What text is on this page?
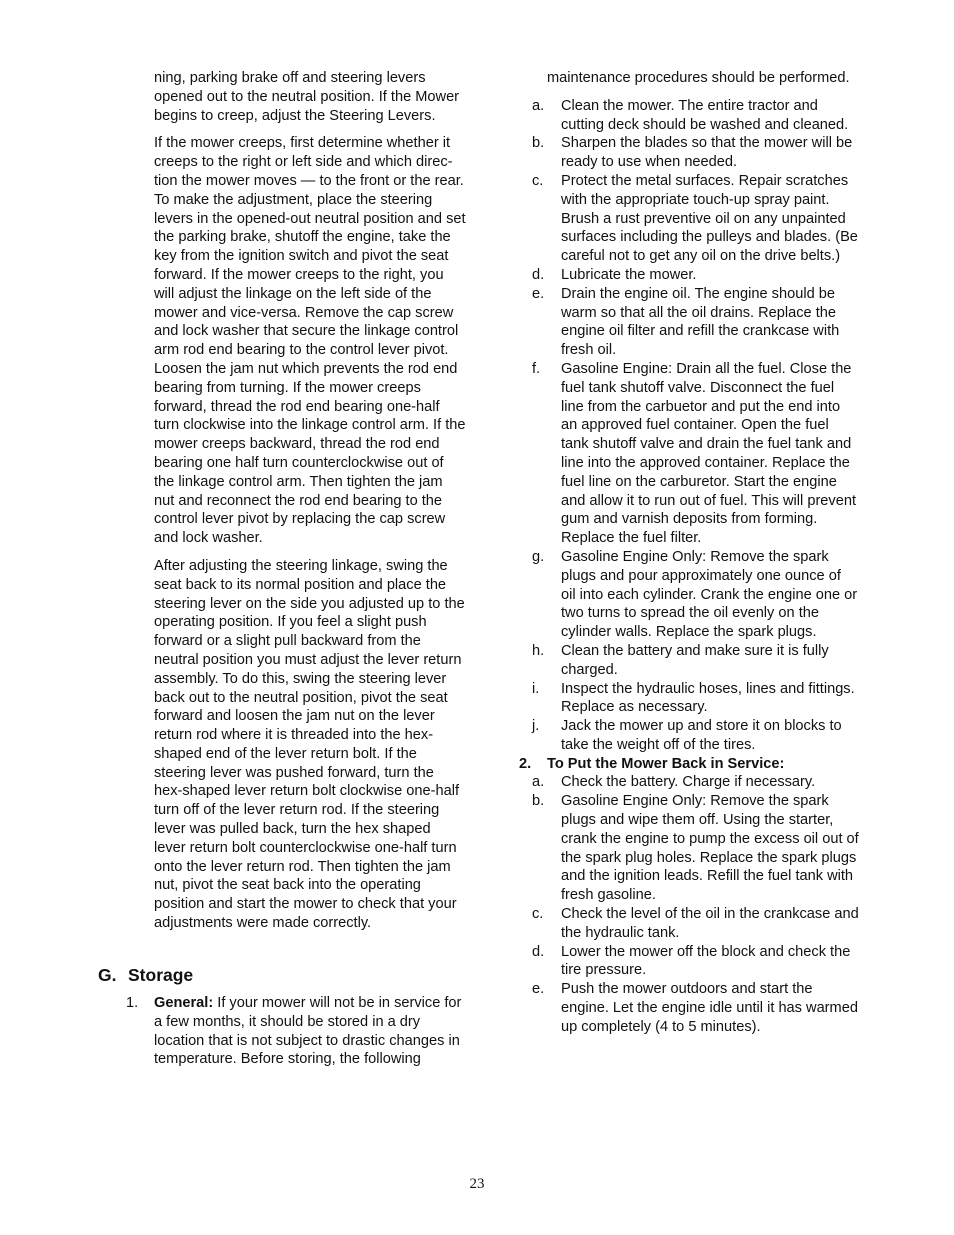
ning, parking brake off and steering levers opened out to the neutral position. If the Mower begins to creep, adjust the Steering Levers.

If the mower creeps, first determine whether it creeps to the right or left side and which direction the mower moves — to the front or the rear. To make the adjustment, place the steering levers in the opened-out neutral position and set the parking brake, shutoff the engine, take the key from the ignition switch and pivot the seat forward. If the mower creeps to the right, you will adjust the linkage on the left side of the mower and vice-versa. Remove the cap screw and lock washer that secure the linkage control arm rod end bearing to the control lever pivot. Loosen the jam nut which prevents the rod end bearing from turning. If the mower creeps forward, thread the rod end bearing one-half turn clockwise into the linkage control arm. If the mower creeps backward, thread the rod end bearing one half turn counterclockwise out of the linkage control arm. Then tighten the jam nut and reconnect the rod end bearing to the control lever pivot by replacing the cap screw and lock washer.

After adjusting the steering linkage, swing the seat back to its normal position and place the steering lever on the side you adjusted up to the operating position. If you feel a slight push forward or a slight pull backward from the neutral position you must adjust the lever return assembly. To do this, swing the steering lever back out to the neutral position, pivot the seat forward and loosen the jam nut on the lever return rod where it is threaded into the hex-shaped end of the lever return bolt. If the steering lever was pushed forward, turn the hex-shaped lever return bolt clockwise one-half turn off of the lever return rod. If the steering lever was pulled back, turn the hex shaped lever return bolt counterclockwise one-half turn onto the lever return rod. Then tighten the jam nut, pivot the seat back into the operating position and start the mower to check that your adjustments were made correctly.

G. Storage
1. General: If your mower will not be in service for a few months, it should be stored in a dry location that is not subject to drastic changes in temperature. Before storing, the following

maintenance procedures should be performed.

a. Clean the mower. The entire tractor and cutting deck should be washed and cleaned.
b. Sharpen the blades so that the mower will be ready to use when needed.
c. Protect the metal surfaces. Repair scratches with the appropriate touch-up spray paint. Brush a rust preventive oil on any unpainted surfaces including the pulleys and blades. (Be careful not to get any oil on the drive belts.)
d. Lubricate the mower.
e. Drain the engine oil. The engine should be warm so that all the oil drains. Replace the engine oil filter and refill the crankcase with fresh oil.
f. Gasoline Engine: Drain all the fuel. Close the fuel tank shutoff valve. Disconnect the fuel line from the carbuetor and put the end into an approved fuel container. Open the fuel tank shutoff valve and drain the fuel tank and line into the approved container. Replace the fuel line on the carburetor. Start the engine and allow it to run out of fuel. This will prevent gum and varnish deposits from forming. Replace the fuel filter.
g. Gasoline Engine Only: Remove the spark plugs and pour approximately one ounce of oil into each cylinder. Crank the engine one or two turns to spread the oil evenly on the cylinder walls. Replace the spark plugs.
h. Clean the battery and make sure it is fully charged.
i. Inspect the hydraulic hoses, lines and fittings. Replace as necessary.
j. Jack the mower up and store it on blocks to take the weight off of the tires.
2. To Put the Mower Back in Service:
a. Check the battery. Charge if necessary.
b. Gasoline Engine Only: Remove the spark plugs and wipe them off. Using the starter, crank the engine to pump the excess oil out of the spark plug holes. Replace the spark plugs and the ignition leads. Refill the fuel tank with fresh gasoline.
c. Check the level of the oil in the crankcase and the hydraulic tank.
d. Lower the mower off the block and check the tire pressure.
e. Push the mower outdoors and start the engine. Let the engine idle until it has warmed up completely (4 to 5 minutes).
23
